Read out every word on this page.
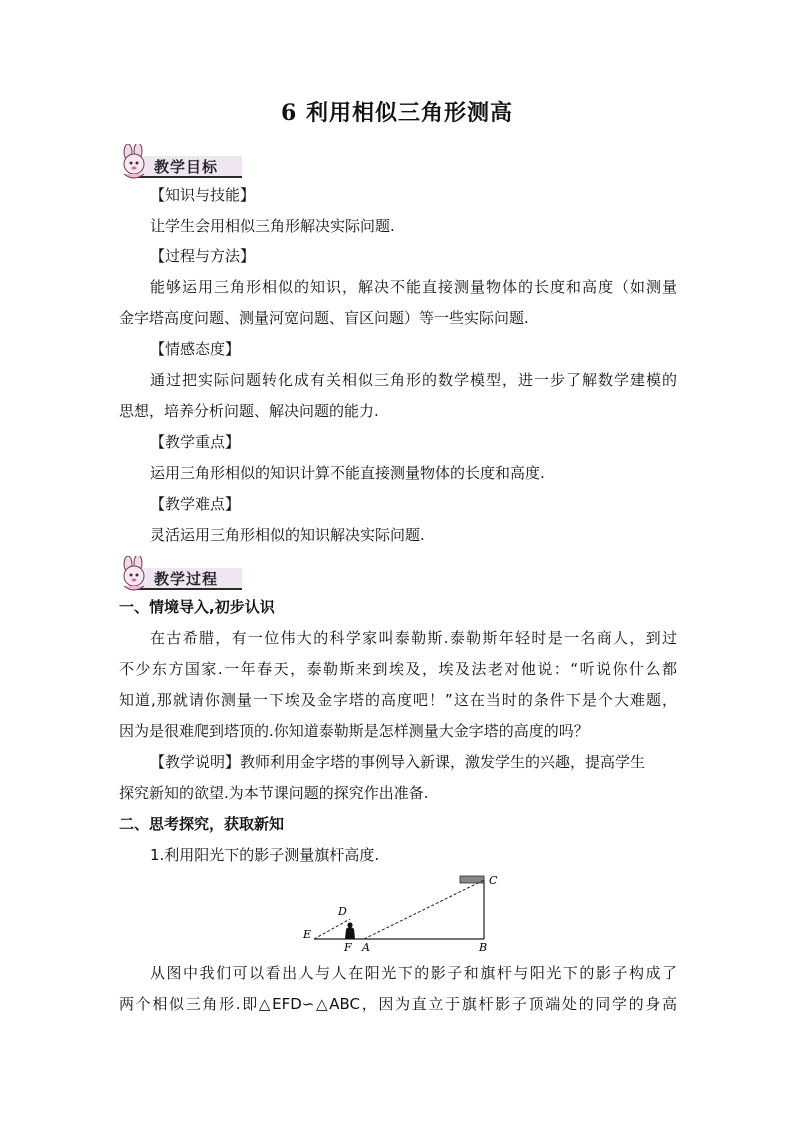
6 利用相似三角形测高
教学目标
【知识与技能】
让学生会用相似三角形解决实际问题.
【过程与方法】
能够运用三角形相似的知识，解决不能直接测量物体的长度和高度（如测量
金字塔高度问题、测量河宽问题、盲区问题）等一些实际问题.
【情感态度】
通过把实际问题转化成有关相似三角形的数学模型，进一步了解数学建模的
思想，培养分析问题、解决问题的能力.
【教学重点】
运用三角形相似的知识计算不能直接测量物体的长度和高度.
【教学难点】
灵活运用三角形相似的知识解决实际问题.
教学过程
一、情境导入,初步认识
在古希腊，有一位伟大的科学家叫泰勒斯.泰勒斯年轻时是一名商人，到过
不少东方国家.一年春天，泰勒斯来到埃及，埃及法老对他说：“听说你什么都
知道,那就请你测量一下埃及金字塔的高度吧！”这在当时的条件下是个大难题，
因为是很难爬到塔顶的.你知道泰勒斯是怎样测量大金字塔的高度的吗？
【教学说明】教师利用金字塔的事例导入新课，激发学生的兴趣，提高学生
探究新知的欲望.为本节课问题的探究作出准备.
二、思考探究，获取新知
1.利用阳光下的影子测量旗杆高度.
C
D
E
F A	B
从图中我们可以看出人与人在阳光下的影子和旗杆与阳光下的影子构成了
两个相似三角形.即△EFD∽△ABC，因为直立于旗杆影子顶端处的同学的身高
